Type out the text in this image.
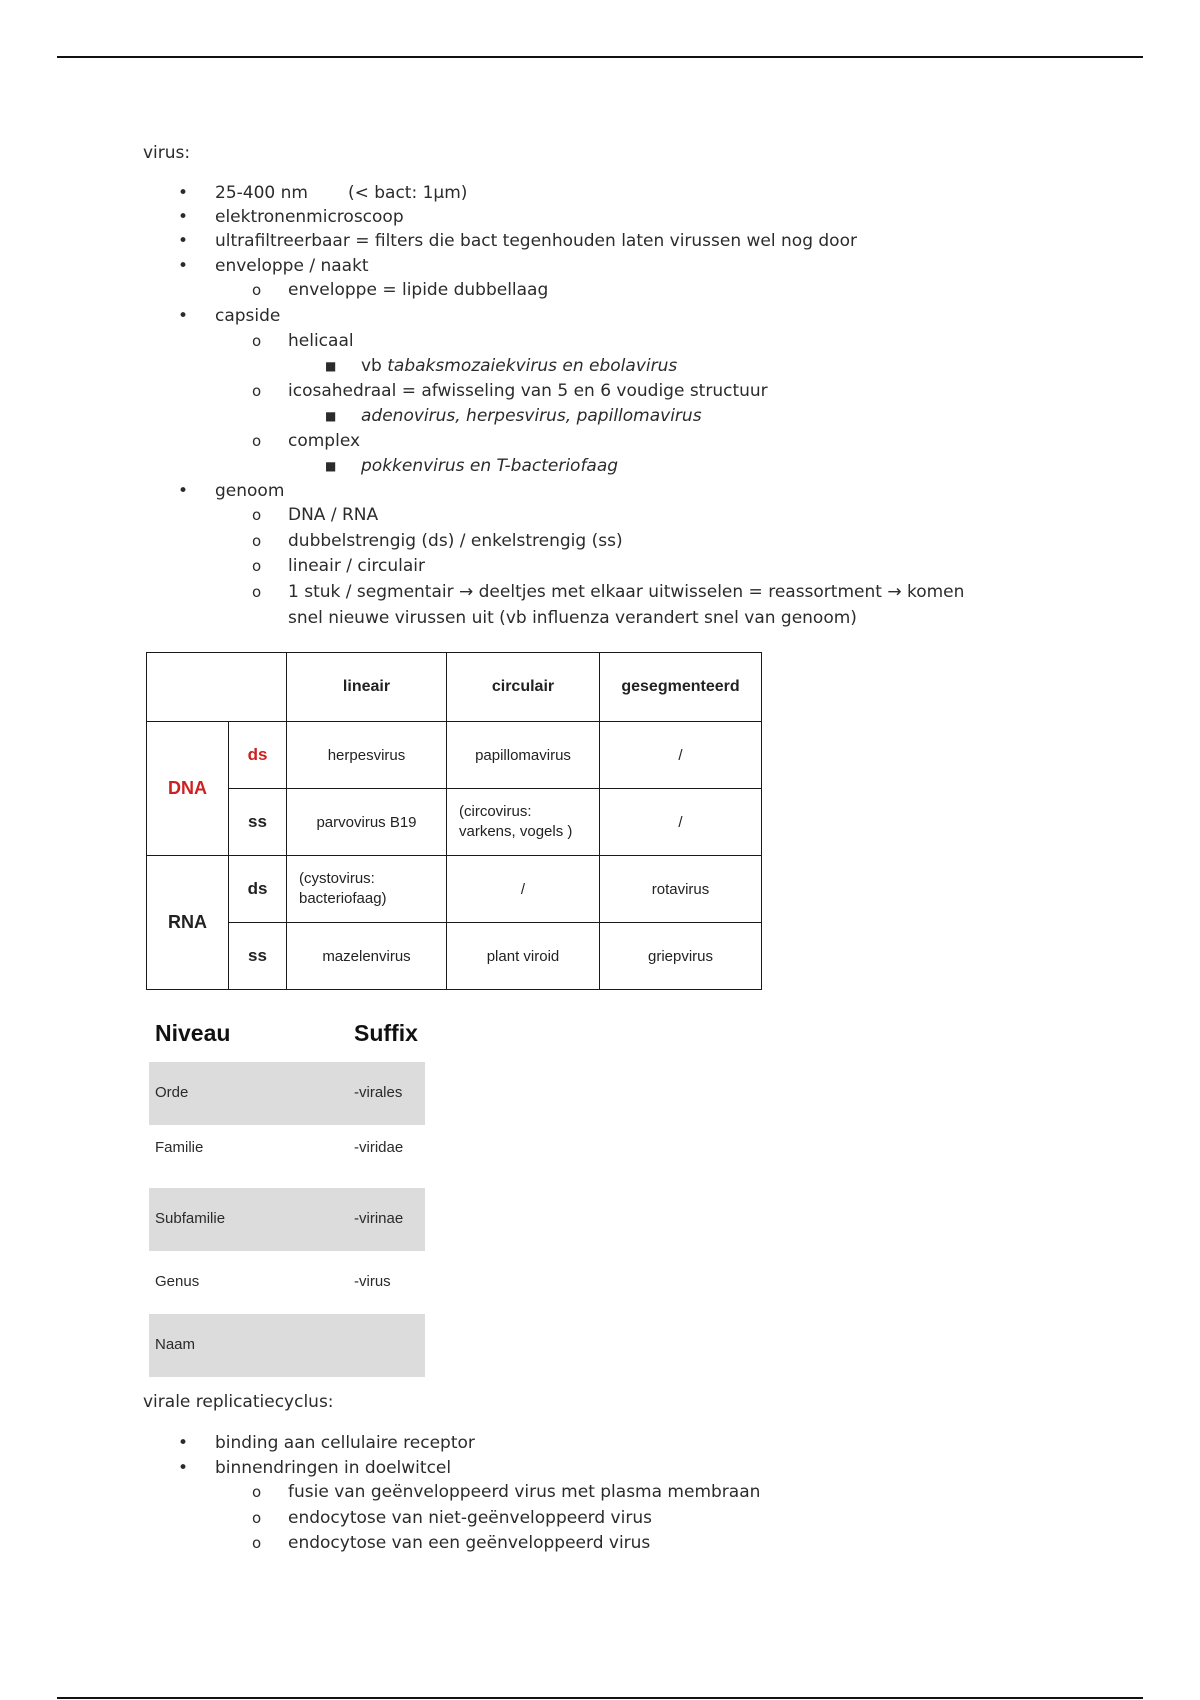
virus:
• 25-400 nm (< bact: 1μm)
• elektronenmicroscoop
• ultrafiltreerbaar = filters die bact tegenhouden laten virussen wel nog door
• enveloppe / naakt
o enveloppe = lipide dubbellaag
• capside
o helicaal
■ vb tabaksmozaiekvirus en ebolavirus
o icosahedraal = afwisseling van 5 en 6 voudige structuur
■ adenovirus, herpesvirus, papillomavirus
o complex
■ pokkenvirus en T-bacteriofaag
• genoom
o DNA / RNA
o dubbelstrengig (ds) / enkelstrengig (ss)
o lineair / circulair
o 1 stuk / segmentair → deeltjes met elkaar uitwisselen = reassortment → komen
snel nieuwe virussen uit (vb influenza verandert snel van genoom)
		lineair	circulair	gesegmenteerd
DNA	ds	herpesvirus	papillomavirus	/
	ss	parvovirus B19	(circovirus:
varkens, vogels )	/
RNA	ds	(cystovirus:
bacteriofaag)	/	rotavirus
	ss	mazelenvirus	plant viroid	griepvirus
Niveau	Suffix
Orde	-virales
Familie	-viridae
Subfamilie	-virinae
Genus	-virus
Naam
virale replicatiecyclus:
• binding aan cellulaire receptor
• binnendringen in doelwitcel
o fusie van geënveloppeerd virus met plasma membraan
o endocytose van niet-geënveloppeerd virus
o endocytose van een geënveloppeerd virus
